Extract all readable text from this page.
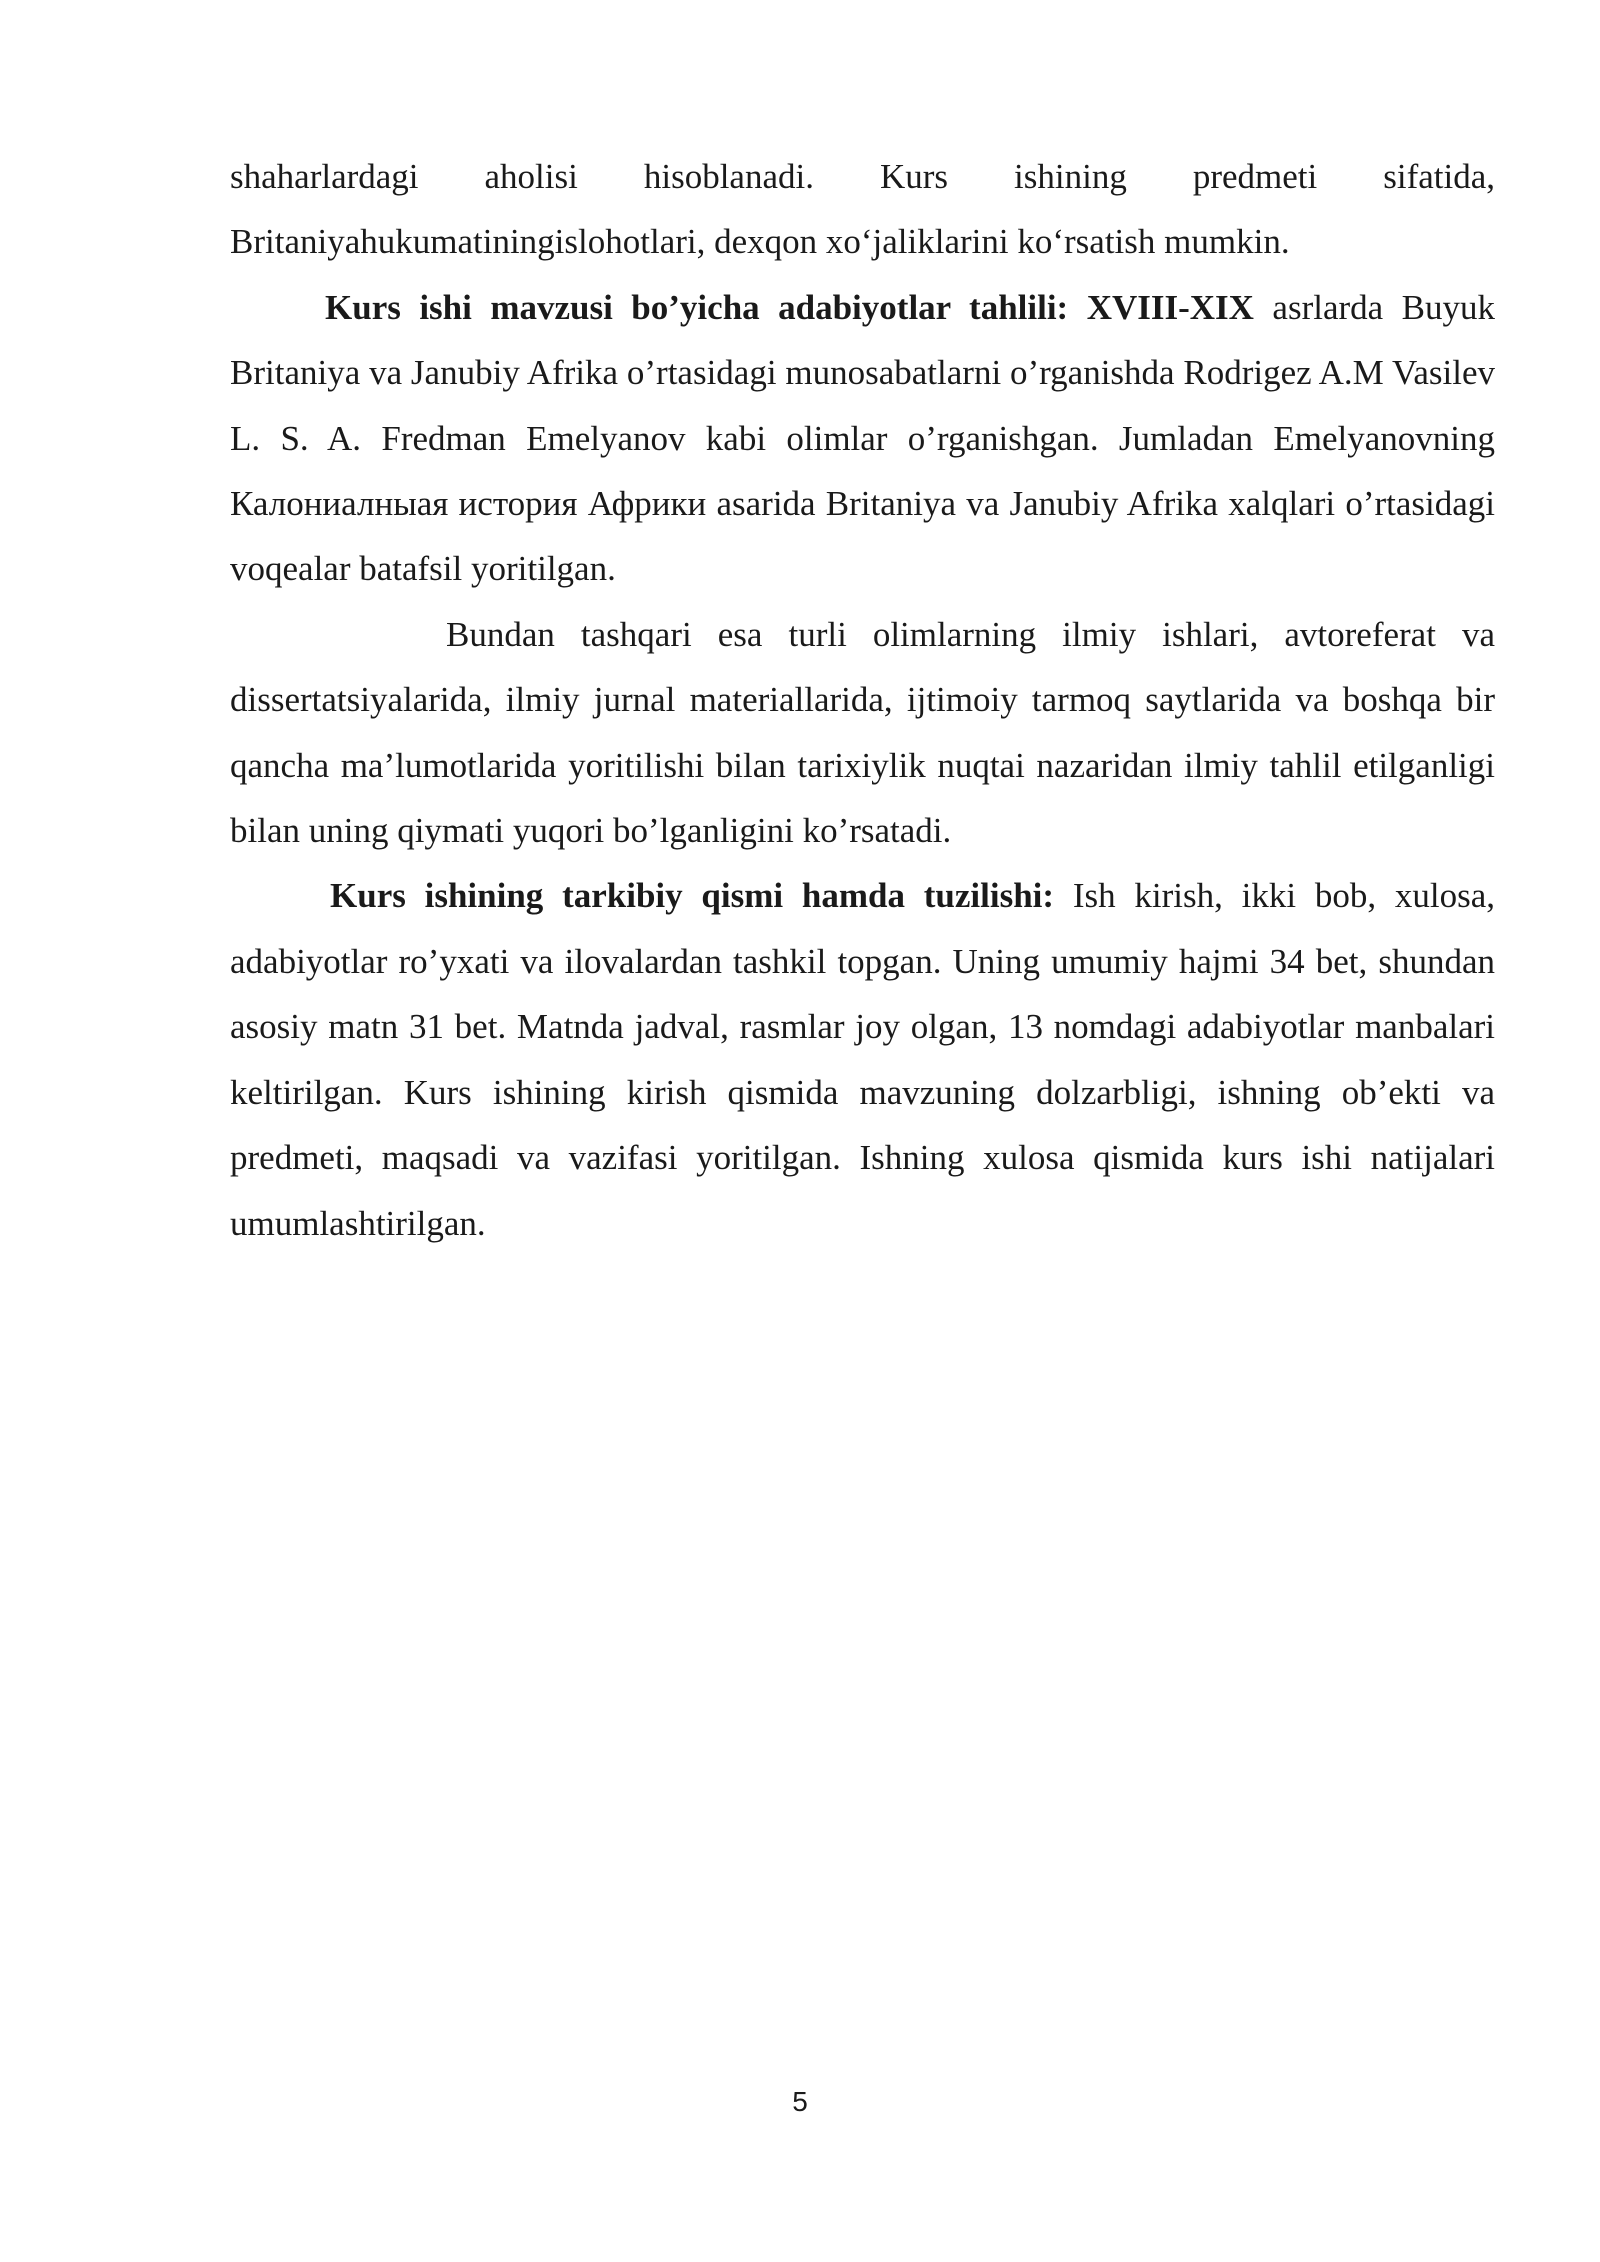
shaharlardagi aholisi hisoblanadi. Kurs ishining predmeti sifatida, Britaniyahukumatiningislohotlari, dexqon xo‘jaliklarini ko‘rsatish mumkin.

Kurs ishi mavzusi bo’yicha adabiyotlar tahlili: XVIII-XIX asrlarda Buyuk Britaniya va Janubiy Afrika o’rtasidagi munosabatlarni o’rganishda Rodrigez A.M Vasilev L. S. A. Fredman Emelyanov kabi olimlar o’rganishgan. Jumladan Emelyanovning Калониалныая история Африки asarida Britaniya va Janubiy Afrika xalqlari o’rtasidagi voqealar batafsil yoritilgan.

Bundan tashqari esa turli olimlarning ilmiy ishlari, avtoreferat va dissertatsiyalarida, ilmiy jurnal materiallarida, ijtimoiy tarmoq saytlarida va boshqa bir qancha ma’lumotlarida yoritilishi bilan tarixiylik nuqtai nazaridan ilmiy tahlil etilganligi bilan uning qiymati yuqori bo’lganligini ko’rsatadi.

Kurs ishining tarkibiy qismi hamda tuzilishi: Ish kirish, ikki bob, xulosa, adabiyotlar ro’yxati va ilovalardan tashkil topgan. Uning umumiy hajmi 34 bet, shundan asosiy matn 31 bet. Matnda jadval, rasmlar joy olgan, 13 nomdagi adabiyotlar manbalari keltirilgan. Kurs ishining kirish qismida mavzuning dolzarbligi, ishning ob’ekti va predmeti, maqsadi va vazifasi yoritilgan. Ishning xulosa qismida kurs ishi natijalari umumlashtirilgan.

5
